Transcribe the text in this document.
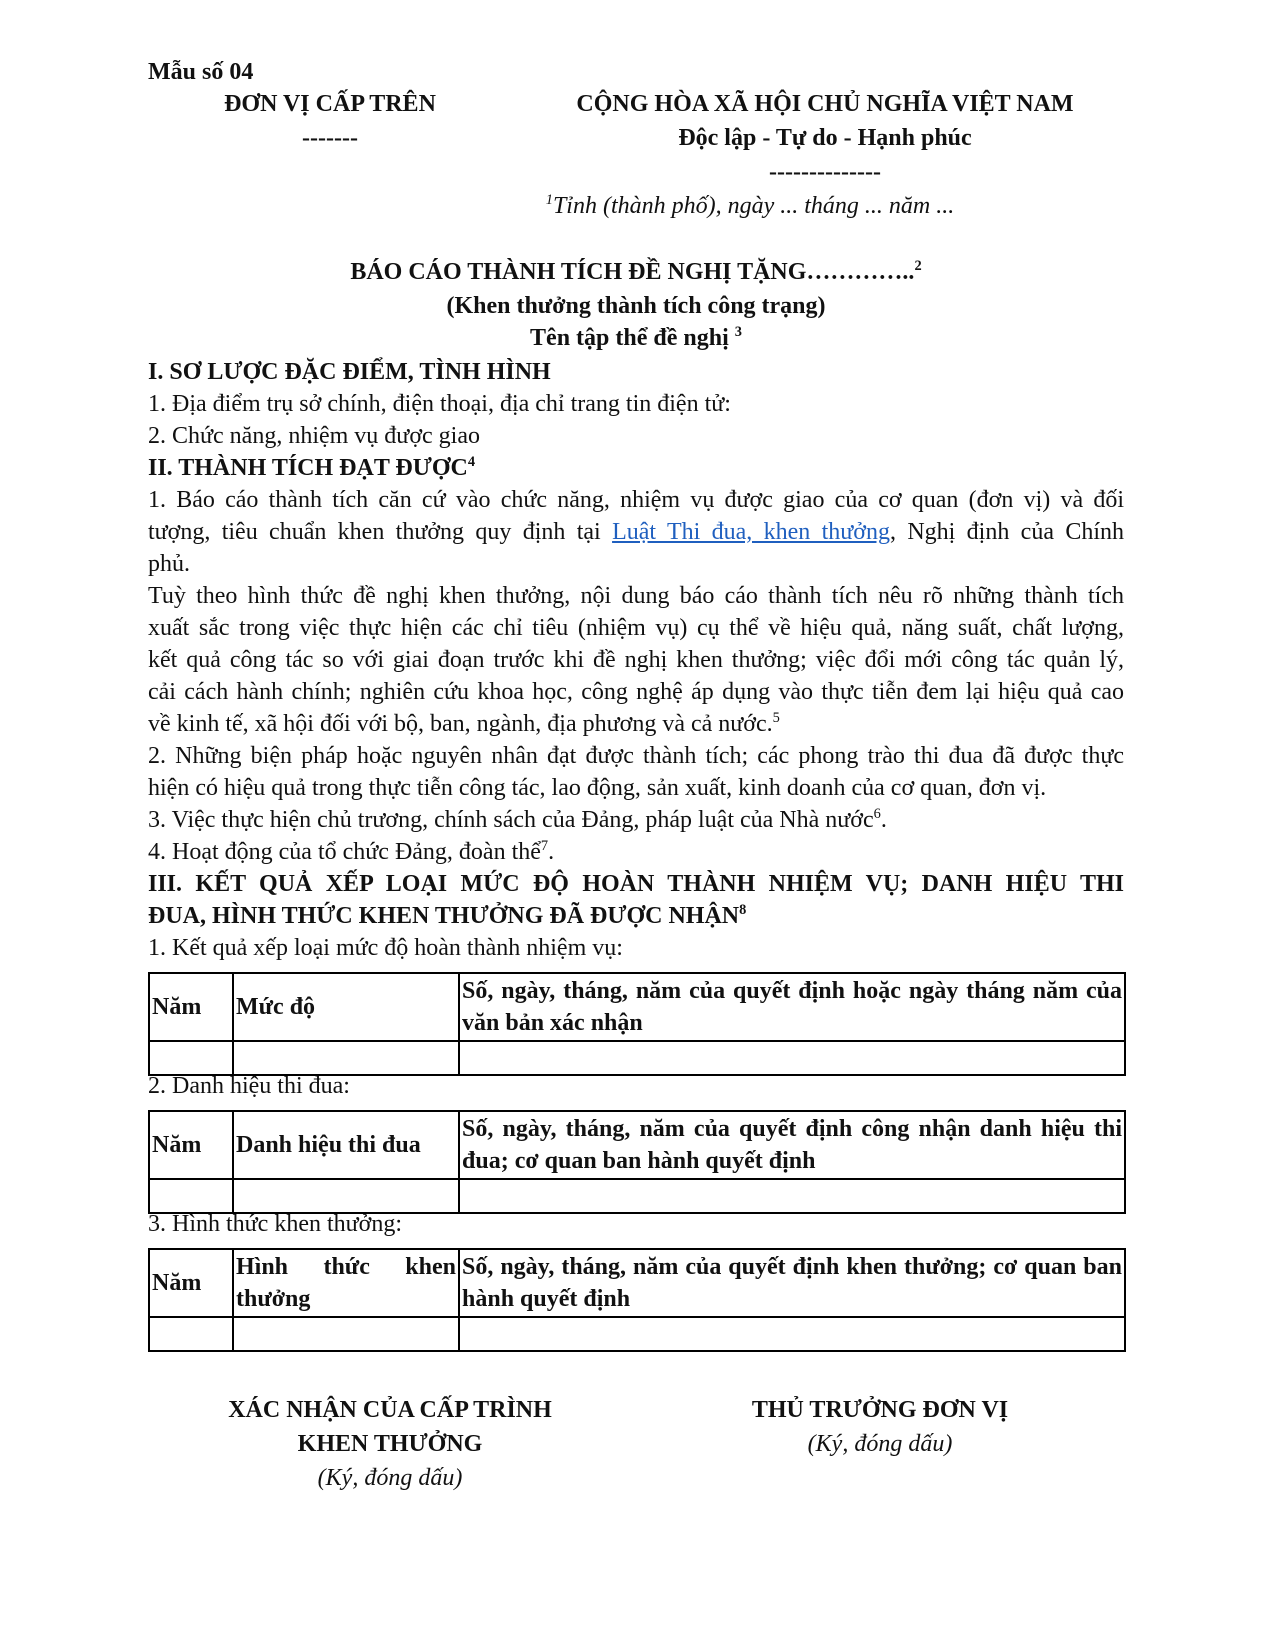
Mẫu số 04
ĐƠN VỊ CẤP TRÊN
-------
CỘNG HÒA XÃ HỘI CHỦ NGHĨA VIỆT NAM
Độc lập - Tự do - Hạnh phúc
--------------
$^1$Tỉnh (thành phố), ngày ... tháng ... năm ...
BÁO CÁO THÀNH TÍCH ĐỀ NGHỊ TẶNG…………..$^2$
(Khen thưởng thành tích công trạng)
Tên tập thể đề nghị $^3$
I. SƠ LƯỢC ĐẶC ĐIỂM, TÌNH HÌNH
1. Địa điểm trụ sở chính, điện thoại, địa chỉ trang tin điện tử:
2. Chức năng, nhiệm vụ được giao
II. THÀNH TÍCH ĐẠT ĐƯỢC$^4$
1. Báo cáo thành tích căn cứ vào chức năng, nhiệm vụ được giao của cơ quan (đơn vị) và đối
tượng, tiêu chuẩn khen thưởng quy định tại Luật Thi đua, khen thưởng, Nghị định của Chính
phủ.
Tuỳ theo hình thức đề nghị khen thưởng, nội dung báo cáo thành tích nêu rõ những thành tích
xuất sắc trong việc thực hiện các chỉ tiêu (nhiệm vụ) cụ thể về hiệu quả, năng suất, chất lượng,
kết quả công tác so với giai đoạn trước khi đề nghị khen thưởng; việc đổi mới công tác quản lý,
cải cách hành chính; nghiên cứu khoa học, công nghệ áp dụng vào thực tiễn đem lại hiệu quả cao
về kinh tế, xã hội đối với bộ, ban, ngành, địa phương và cả nước.$^5$
2. Những biện pháp hoặc nguyên nhân đạt được thành tích; các phong trào thi đua đã được thực
hiện có hiệu quả trong thực tiễn công tác, lao động, sản xuất, kinh doanh của cơ quan, đơn vị.
3. Việc thực hiện chủ trương, chính sách của Đảng, pháp luật của Nhà nước$^6$.
4. Hoạt động của tổ chức Đảng, đoàn thể$^7$.
III. KẾT QUẢ XẾP LOẠI MỨC ĐỘ HOÀN THÀNH NHIỆM VỤ; DANH HIỆU THI
ĐUA, HÌNH THỨC KHEN THƯỞNG ĐÃ ĐƯỢC NHẬN$^8$
1. Kết quả xếp loại mức độ hoàn thành nhiệm vụ:
Năm	Mức độ	Số, ngày, tháng, năm của quyết định hoặc ngày tháng năm của văn bản xác nhận

2. Danh hiệu thi đua:
Năm	Danh hiệu thi đua	Số, ngày, tháng, năm của quyết định công nhận danh hiệu thi đua; cơ quan ban hành quyết định

3. Hình thức khen thưởng:
Năm	Hình thức khen thưởng	Số, ngày, tháng, năm của quyết định khen thưởng; cơ quan ban hành quyết định

XÁC NHẬN CỦA CẤP TRÌNH
KHEN THƯỞNG
(Ký, đóng dấu)
THỦ TRƯỞNG ĐƠN VỊ
(Ký, đóng dấu)
